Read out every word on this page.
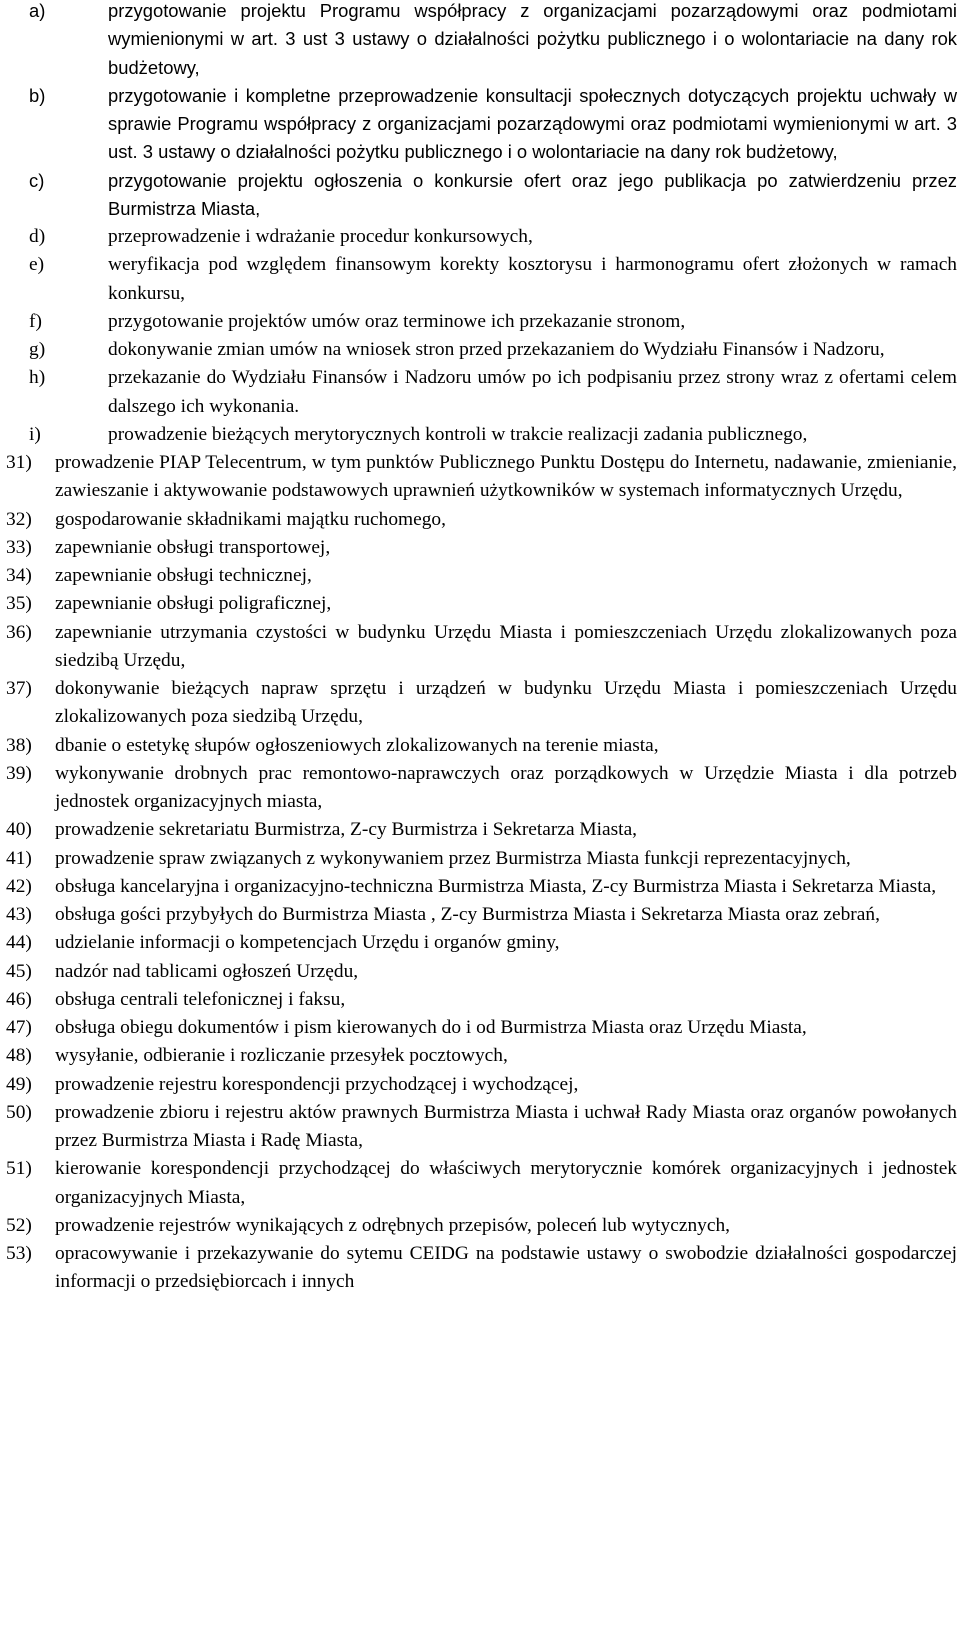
a)	przygotowanie projektu Programu współpracy z organizacjami pozarządowymi oraz podmiotami wymienionymi w art. 3 ust 3 ustawy o działalności pożytku publicznego i o wolontariacie na dany rok budżetowy,
b)	przygotowanie i kompletne przeprowadzenie konsultacji społecznych dotyczących projektu uchwały w sprawie Programu współpracy z organizacjami pozarządowymi oraz podmiotami wymienionymi w art. 3 ust. 3 ustawy o działalności pożytku publicznego i o wolontariacie na dany rok budżetowy,
c)	przygotowanie projektu ogłoszenia o konkursie ofert oraz jego publikacja po zatwierdzeniu przez Burmistrza Miasta,
d)	przeprowadzenie i wdrażanie procedur konkursowych,
e)	weryfikacja pod względem finansowym korekty kosztorysu i harmonogramu ofert złożonych w ramach konkursu,
f)	przygotowanie projektów umów oraz terminowe ich przekazanie stronom,
g)	dokonywanie zmian umów na wniosek stron przed przekazaniem do Wydziału Finansów i Nadzoru,
h)	przekazanie do Wydziału Finansów i Nadzoru umów po ich podpisaniu przez strony wraz z ofertami celem dalszego ich wykonania.
i)	prowadzenie bieżących merytorycznych kontroli w trakcie realizacji zadania publicznego,
31) prowadzenie PIAP Telecentrum, w tym punktów Publicznego Punktu Dostępu do Internetu, nadawanie, zmienianie, zawieszanie i aktywowanie podstawowych uprawnień użytkowników w systemach informatycznych Urzędu,
32) gospodarowanie składnikami majątku ruchomego,
33) zapewnianie obsługi transportowej,
34) zapewnianie obsługi technicznej,
35) zapewnianie obsługi poligraficznej,
36) zapewnianie utrzymania czystości w budynku Urzędu Miasta i pomieszczeniach Urzędu zlokalizowanych poza siedzibą Urzędu,
37) dokonywanie bieżących napraw sprzętu i urządzeń w budynku Urzędu Miasta i pomieszczeniach Urzędu zlokalizowanych poza siedzibą Urzędu,
38) dbanie o estetykę słupów ogłoszeniowych zlokalizowanych na terenie miasta,
39) wykonywanie drobnych prac remontowo-naprawczych oraz porządkowych w Urzędzie Miasta i dla potrzeb jednostek organizacyjnych miasta,
40) prowadzenie sekretariatu Burmistrza, Z-cy Burmistrza i Sekretarza Miasta,
41) prowadzenie spraw związanych z wykonywaniem przez Burmistrza Miasta funkcji reprezentacyjnych,
42) obsługa kancelaryjna i organizacyjno-techniczna Burmistrza Miasta, Z-cy Burmistrza Miasta i Sekretarza Miasta,
43) obsługa gości przybyłych do Burmistrza Miasta , Z-cy Burmistrza Miasta i Sekretarza Miasta oraz zebrań,
44) udzielanie informacji o kompetencjach Urzędu i organów gminy,
45) nadzór nad tablicami ogłoszeń Urzędu,
46) obsługa centrali telefonicznej i faksu,
47) obsługa obiegu dokumentów i pism kierowanych do i od Burmistrza Miasta oraz Urzędu Miasta,
48) wysyłanie, odbieranie i rozliczanie przesyłek pocztowych,
49) prowadzenie rejestru korespondencji przychodzącej i wychodzącej,
50) prowadzenie zbioru i rejestru aktów prawnych Burmistrza Miasta i uchwał Rady Miasta oraz organów powołanych przez Burmistrza Miasta i Radę Miasta,
51) kierowanie korespondencji przychodzącej do właściwych merytorycznie komórek organizacyjnych i jednostek organizacyjnych Miasta,
52) prowadzenie rejestrów wynikających z odrębnych przepisów, poleceń lub wytycznych,
53) opracowywanie i przekazywanie do sytemu CEIDG na podstawie ustawy o swobodzie działalności gospodarczej informacji o przedsiębiorcach i innych
